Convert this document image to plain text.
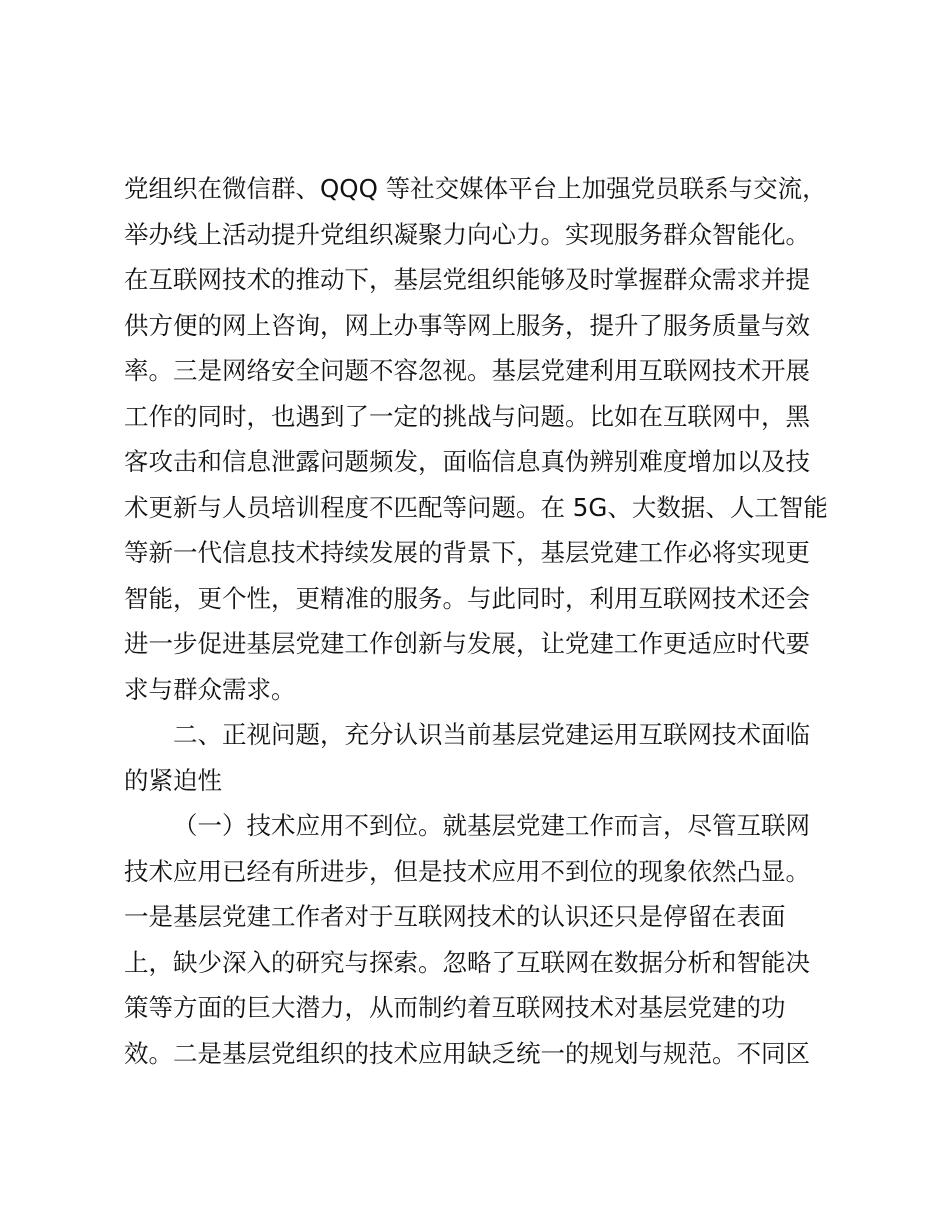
党组织在微信群、QQQ 等社交媒体平台上加强党员联系与交流，
举办线上活动提升党组织凝聚力向心力。实现服务群众智能化。
在互联网技术的推动下，基层党组织能够及时掌握群众需求并提
供方便的网上咨询，网上办事等网上服务，提升了服务质量与效
率。三是网络安全问题不容忽视。基层党建利用互联网技术开展
工作的同时，也遇到了一定的挑战与问题。比如在互联网中，黑
客攻击和信息泄露问题频发，面临信息真伪辨别难度增加以及技
术更新与人员培训程度不匹配等问题。在 5G、大数据、人工智能
等新一代信息技术持续发展的背景下，基层党建工作必将实现更
智能，更个性，更精准的服务。与此同时，利用互联网技术还会
进一步促进基层党建工作创新与发展，让党建工作更适应时代要
求与群众需求。
二、正视问题，充分认识当前基层党建运用互联网技术面临
的紧迫性
（一）技术应用不到位。就基层党建工作而言，尽管互联网
技术应用已经有所进步，但是技术应用不到位的现象依然凸显。
一是基层党建工作者对于互联网技术的认识还只是停留在表面
上，缺少深入的研究与探索。忽略了互联网在数据分析和智能决
策等方面的巨大潜力，从而制约着互联网技术对基层党建的功
效。二是基层党组织的技术应用缺乏统一的规划与规范。不同区
